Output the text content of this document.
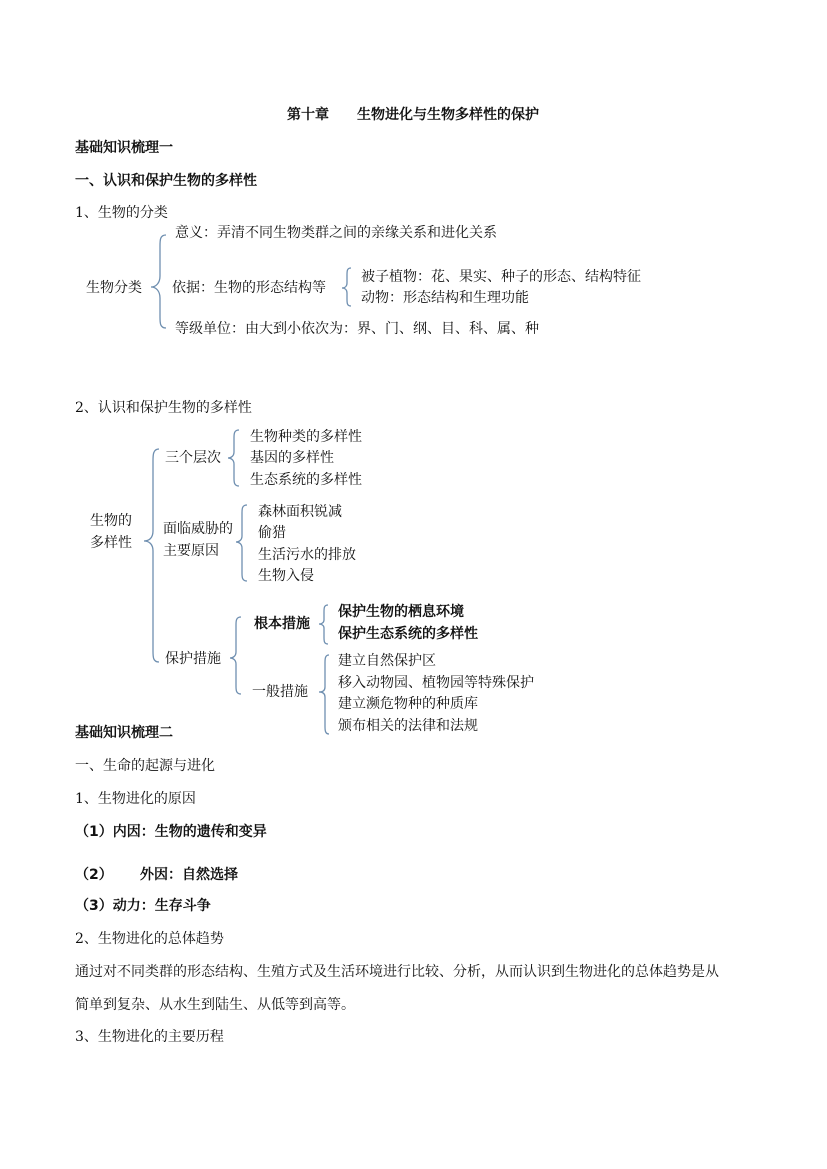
第十章　　生物进化与生物多样性的保护
基础知识梳理一
一、认识和保护生物的多样性
1、生物的分类
生物分类
意义：弄清不同生物类群之间的亲缘关系和进化关系
依据：生物的形态结构等
被子植物：花、果实、种子的形态、结构特征
动物：形态结构和生理功能
等级单位：由大到小依次为：界、门、纲、目、科、属、种
2、认识和保护生物的多样性
生物的
多样性
三个层次
生物种类的多样性
基因的多样性
生态系统的多样性
面临威胁的
主要原因
森林面积锐减
偷猎
生活污水的排放
生物入侵
保护措施
根本措施
保护生物的栖息环境
保护生态系统的多样性
一般措施
建立自然保护区
移入动物园、植物园等特殊保护
建立濒危物种的种质库
颁布相关的法律和法规
基础知识梳理二
一、生命的起源与进化
1、生物进化的原因
（1）内因：生物的遗传和变异
（2） 外因：自然选择
（3）动力：生存斗争
2、生物进化的总体趋势
通过对不同类群的形态结构、生殖方式及生活环境进行比较、分析，从而认识到生物进化的总体趋势是从
简单到复杂、从水生到陆生、从低等到高等。
3、生物进化的主要历程
